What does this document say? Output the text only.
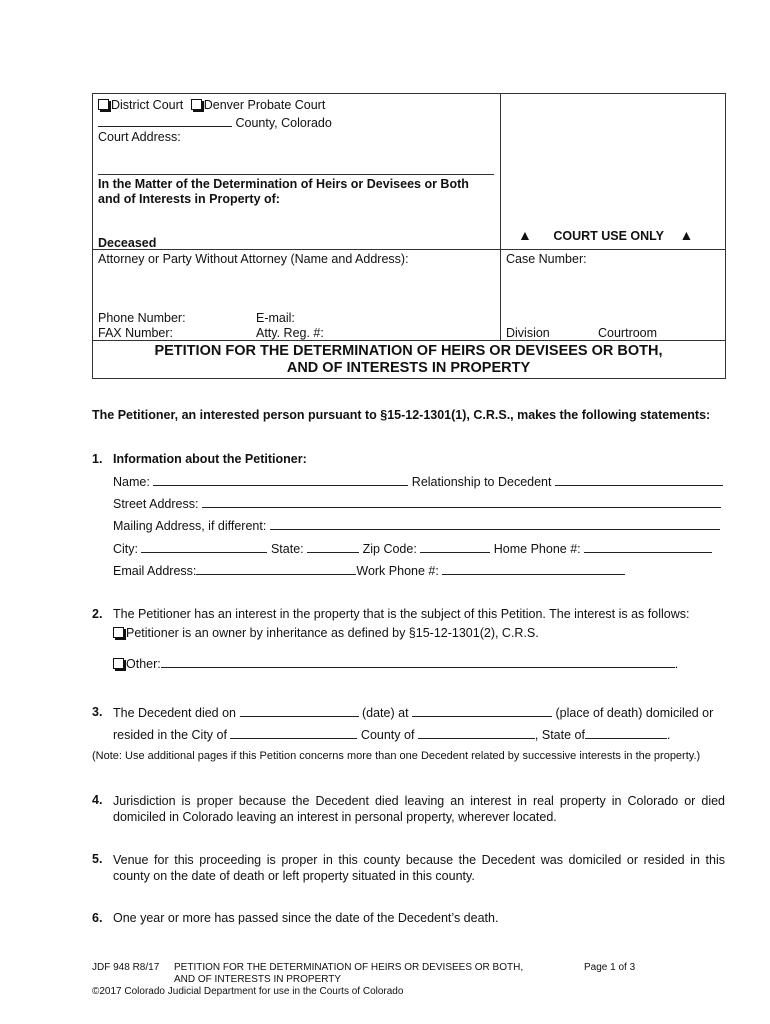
District Court Denver Probate Court
County, Colorado
Court Address:
In the Matter of the Determination of Heirs or Devisees or Both
and of Interests in Property of:
Deceased	▲ COURT USE ONLY ▲
Attorney or Party Without Attorney (Name and Address):	Case Number:
Phone Number:	E-mail:
FAX Number:	Atty. Reg. #:	Division	Courtroom
PETITION FOR THE DETERMINATION OF HEIRS OR DEVISEES OR BOTH,
AND OF INTERESTS IN PROPERTY
The Petitioner, an interested person pursuant to §15-12-1301(1), C.R.S., makes the following statements:
1. Information about the Petitioner:
Name:	Relationship to Decedent
Street Address:
Mailing Address, if different:
City:	State:	Zip Code:	Home Phone #:
Email Address:	Work Phone #:
2. The Petitioner has an interest in the property that is the subject of this Petition. The interest is as follows:
Petitioner is an owner by inheritance as defined by §15-12-1301(2), C.R.S.
Other:	.
3. The Decedent died on	(date) at	(place of death) domiciled or
resided in the City of	County of	, State of	.
(Note: Use additional pages if this Petition concerns more than one Decedent related by successive interests in the property.)
4. Jurisdiction is proper because the Decedent died leaving an interest in real property in Colorado or died domiciled in Colorado leaving an interest in personal property, wherever located.
5. Venue for this proceeding is proper in this county because the Decedent was domiciled or resided in this county on the date of death or left property situated in this county.
6. One year or more has passed since the date of the Decedent’s death.
JDF 948 R8/17 PETITION FOR THE DETERMINATION OF HEIRS OR DEVISEES OR BOTH,
AND OF INTERESTS IN PROPERTY
Page 1 of 3
©2017 Colorado Judicial Department for use in the Courts of Colorado
